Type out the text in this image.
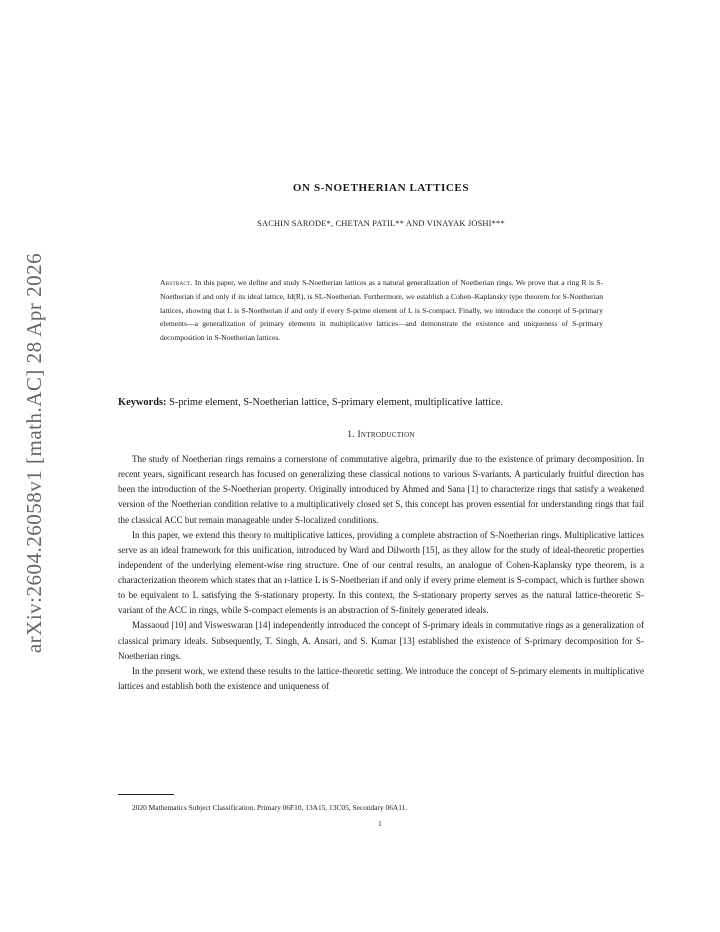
arXiv:2604.26058v1 [math.AC] 28 Apr 2026
ON S-NOETHERIAN LATTICES
SACHIN SARODE*, CHETAN PATIL** AND VINAYAK JOSHI***
Abstract. In this paper, we define and study S-Noetherian lattices as a natural generalization of Noetherian rings. We prove that a ring R is S-Noetherian if and only if its ideal lattice, Id(R), is SL-Noetherian. Furthermore, we establish a Cohen–Kaplansky type theorem for S-Noetherian lattices, showing that L is S-Noetherian if and only if every S-prime element of L is S-compact. Finally, we introduce the concept of S-primary elements—a generalization of primary elements in multiplicative lattices—and demonstrate the existence and uniqueness of S-primary decomposition in S-Noetherian lattices.
Keywords: S-prime element, S-Noetherian lattice, S-primary element, multiplicative lattice.
1. Introduction

The study of Noetherian rings remains a cornerstone of commutative algebra, primarily due to the existence of primary decomposition. In recent years, significant research has focused on generalizing these classical notions to various S-variants. A particularly fruitful direction has been the introduction of the S-Noetherian property. Originally introduced by Ahmed and Sana [1] to characterize rings that satisfy a weakened version of the Noetherian condition relative to a multiplicatively closed set S, this concept has proven essential for understanding rings that fail the classical ACC but remain manageable under S-localized conditions.

In this paper, we extend this theory to multiplicative lattices, providing a complete abstraction of S-Noetherian rings. Multiplicative lattices serve as an ideal framework for this unification, introduced by Ward and Dilworth [15], as they allow for the study of ideal-theoretic properties independent of the underlying element-wise ring structure. One of our central results, an analogue of Cohen-Kaplansky type theorem, is a characterization theorem which states that an r-lattice L is S-Noetherian if and only if every prime element is S-compact, which is further shown to be equivalent to L satisfying the S-stationary property. In this context, the S-stationary property serves as the natural lattice-theoretic S-variant of the ACC in rings, while S-compact elements is an abstraction of S-finitely generated ideals.

Massaoud [10] and Visweswaran [14] independently introduced the concept of S-primary ideals in commutative rings as a generalization of classical primary ideals. Subsequently, T. Singh, A. Ansari, and S. Kumar [13] established the existence of S-primary decomposition for S-Noetherian rings.

In the present work, we extend these results to the lattice-theoretic setting. We introduce the concept of S-primary elements in multiplicative lattices and establish both the existence and uniqueness of

2020 Mathematics Subject Classification. Primary 06F10, 13A15, 13C05, Secondary 06A11.
1
